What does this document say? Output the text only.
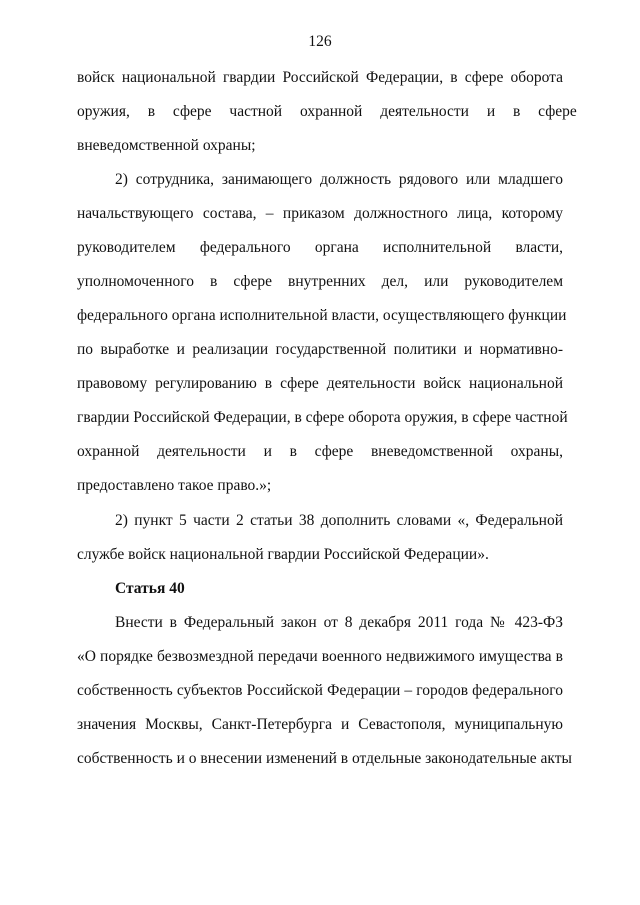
126
войск национальной гвардии Российской Федерации, в сфере оборота
оружия, в сфере частной охранной деятельности и в сфере
вневедомственной охраны;
2) сотрудника, занимающего должность рядового или младшего
начальствующего состава, – приказом должностного лица, которому
руководителем федерального органа исполнительной власти,
уполномоченного в сфере внутренних дел, или руководителем
федерального органа исполнительной власти, осуществляющего функции
по выработке и реализации государственной политики и нормативно-
правовому регулированию в сфере деятельности войск национальной
гвардии Российской Федерации, в сфере оборота оружия, в сфере частной
охранной деятельности и в сфере вневедомственной охраны,
предоставлено такое право.»;
2) пункт 5 части 2 статьи 38 дополнить словами «, Федеральной
службе войск национальной гвардии Российской Федерации».
Статья 40
Внести в Федеральный закон от 8 декабря 2011 года № 423-ФЗ
«О порядке безвозмездной передачи военного недвижимого имущества в
собственность субъектов Российской Федерации – городов федерального
значения Москвы, Санкт-Петербурга и Севастополя, муниципальную
собственность и о внесении изменений в отдельные законодательные акты
